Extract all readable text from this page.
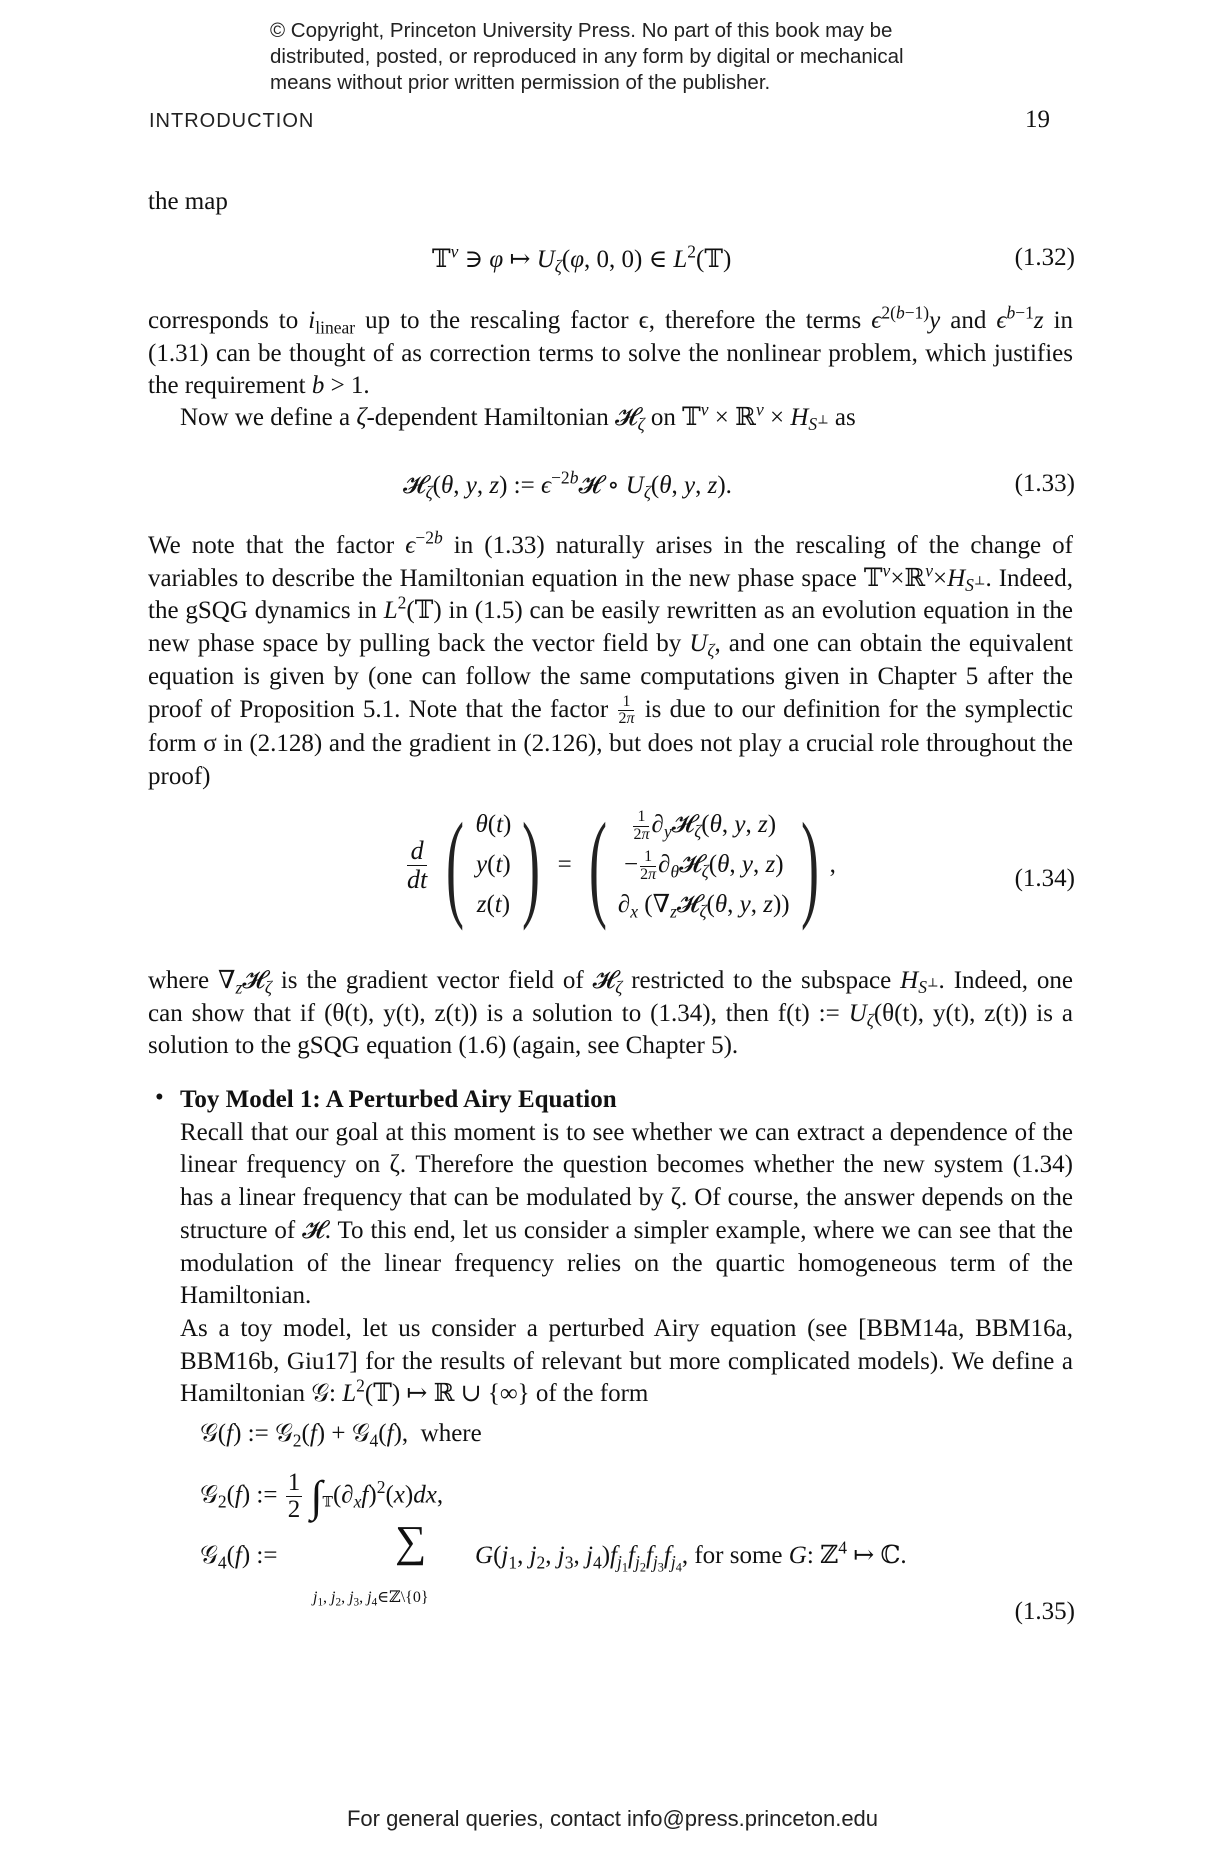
© Copyright, Princeton University Press. No part of this book may be
distributed, posted, or reproduced in any form by digital or mechanical
means without prior written permission of the publisher.
INTRODUCTION	19
the map
𝕋$^\nu$ ∋ φ ↦ $U_\zeta(\varphi$, 0, 0) ∈ $L^2(𝕋)$	(1.32)
corresponds to $i_{linear}$ up to the rescaling factor ϵ, therefore the terms $\epsilon^{2(b-1)}y$ and $\epsilon^{b-1}z$ in (1.31) can be thought of as correction terms to solve the nonlinear problem, which justifies the requirement b > 1.
Now we define a ζ-dependent Hamiltonian 𝓗$_\zeta$ on 𝕋$^\nu$ × ℝ$^\nu$ × $H_{S^\perp}$ as
𝓗$_\zeta$(θ, y, z) := $\epsilon^{-2b}𝓗$ ∘ $U_\zeta(\theta$, y, z).	(1.33)
We note that the factor $\epsilon^{-2b}$ in (1.33) naturally arises in the rescaling of the change of variables to describe the Hamiltonian equation in the new phase space $𝕋^\nu\times ℝ^\nu\times H_{S^\perp}$. Indeed, the gSQG dynamics in $L^2(𝕋)$ in (1.5) can be easily rewritten as an evolution equation in the new phase space by pulling back the vector field by $U_\zeta$, and one can obtain the equivalent equation is given by (one can follow the same computations given in Chapter 5 after the proof of Proposition 5.1. Note that the factor $\frac{1}{2\pi}$ is due to our definition for the symplectic form σ in (2.128) and the gradient in (2.126), but does not play a crucial role throughout the proof)
$\frac{d}{dt}$ ( θ(t)
y(t)
z(t) ) = ( $\frac{1}{2\pi}$ $\partial_y𝓗_\zeta(\theta$, y, z)
− $\frac{1}{2\pi}$ $\partial_\theta 𝓗_\zeta(\theta$, y, z)
$\partial_x$ ($\nabla_z𝓗_\zeta(\theta$, y, z)) ) ,
(1.34)
where $\nabla_z𝓗_\zeta$ is the gradient vector field of 𝓗$_\zeta$ restricted to the subspace $H_{S^\perp}$. Indeed, one can show that if (θ(t), y(t), z(t)) is a solution to (1.34), then f(t) := $U_\zeta(\theta(t)$, y(t), z(t)) is a solution to the gSQG equation (1.6) (again, see Chapter 5).
• Toy Model 1: A Perturbed Airy Equation
Recall that our goal at this moment is to see whether we can extract a dependence of the linear frequency on ζ. Therefore the question becomes whether the new system (1.34) has a linear frequency that can be modulated by ζ. Of course, the answer depends on the structure of 𝓗. To this end, let us consider a simpler example, where we can see that the modulation of the linear frequency relies on the quartic homogeneous term of the Hamiltonian.
As a toy model, let us consider a perturbed Airy equation (see [BBM14a, BBM16a, BBM16b, Giu17] for the results of relevant but more complicated models). We define a Hamiltonian 𝒢: $L^2(𝕋)$ ↦ ℝ ∪ {∞} of the form
𝒢(f) := 𝒢$_2$(f) + 𝒢$_4$(f),  where
𝒢$_2$(f) := $\frac{1}{2} \int_𝕋(\partial_xf)^2(x)dx$,
𝒢$_4$(f) :=	∑
$j_1$, $j_2$, $j_3$, $j_4\in ℤ\backslash\{0\}$
$G(j_1$, $j_2$, $j_3$, $j_4)f_{j_1}f_{j_2}f_{j_3}f_{j_4}$, for some G: ℤ$^4$ ↦ ℂ.
(1.35)
For general queries, contact info@press.princeton.edu
